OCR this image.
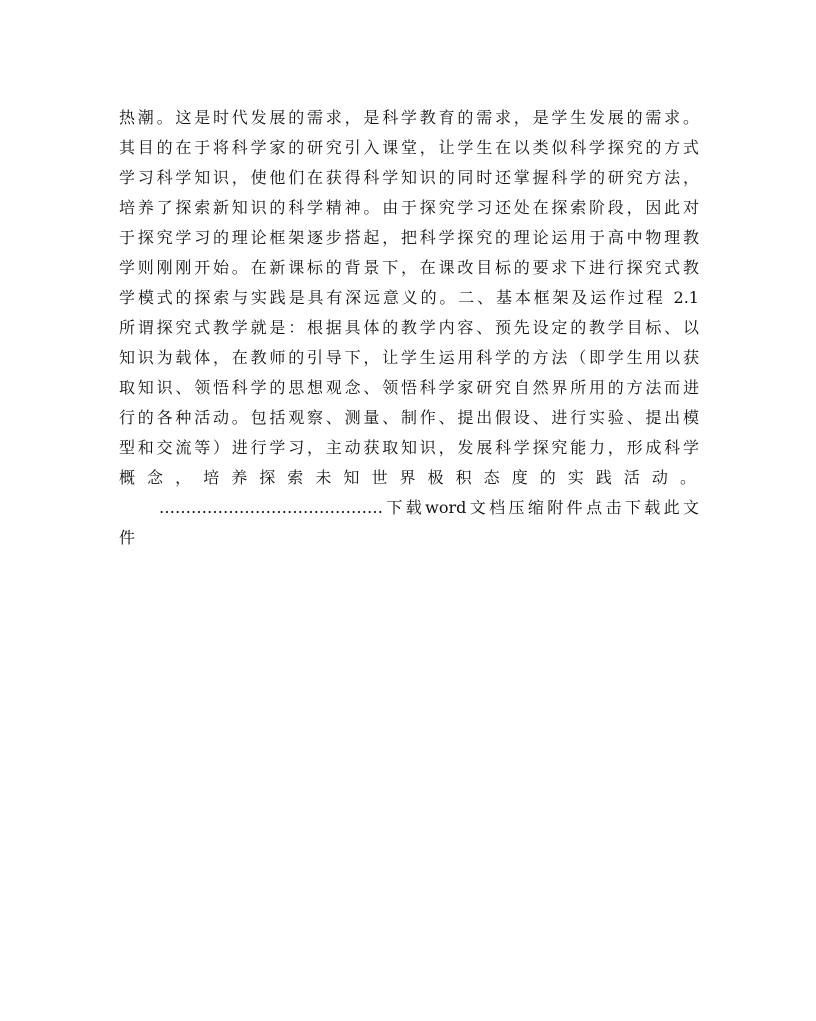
热潮。这是时代发展的需求，是科学教育的需求，是学生发展的需求。
其目的在于将科学家的研究引入课堂，让学生在以类似科学探究的方式
学习科学知识，使他们在获得科学知识的同时还掌握科学的研究方法，
培养了探索新知识的科学精神。由于探究学习还处在探索阶段，因此对
于探究学习的理论框架逐步搭起，把科学探究的理论运用于高中物理教
学则刚刚开始。在新课标的背景下，在课改目标的要求下进行探究式教
学模式的探索与实践是具有深远意义的。二、基本框架及运作过程 2.1
所谓探究式教学就是：根据具体的教学内容、预先设定的教学目标、以
知识为载体，在教师的引导下，让学生运用科学的方法（即学生用以获
取知识、领悟科学的思想观念、领悟科学家研究自然界所用的方法而进
行的各种活动。包括观察、测量、制作、提出假设、进行实验、提出模
型和交流等）进行学习，主动获取知识，发展科学探究能力，形成科学
概念，培养探索未知世界极积态度的实践活动。
……………………………………下载word文档压缩附件点击下载此文
件
